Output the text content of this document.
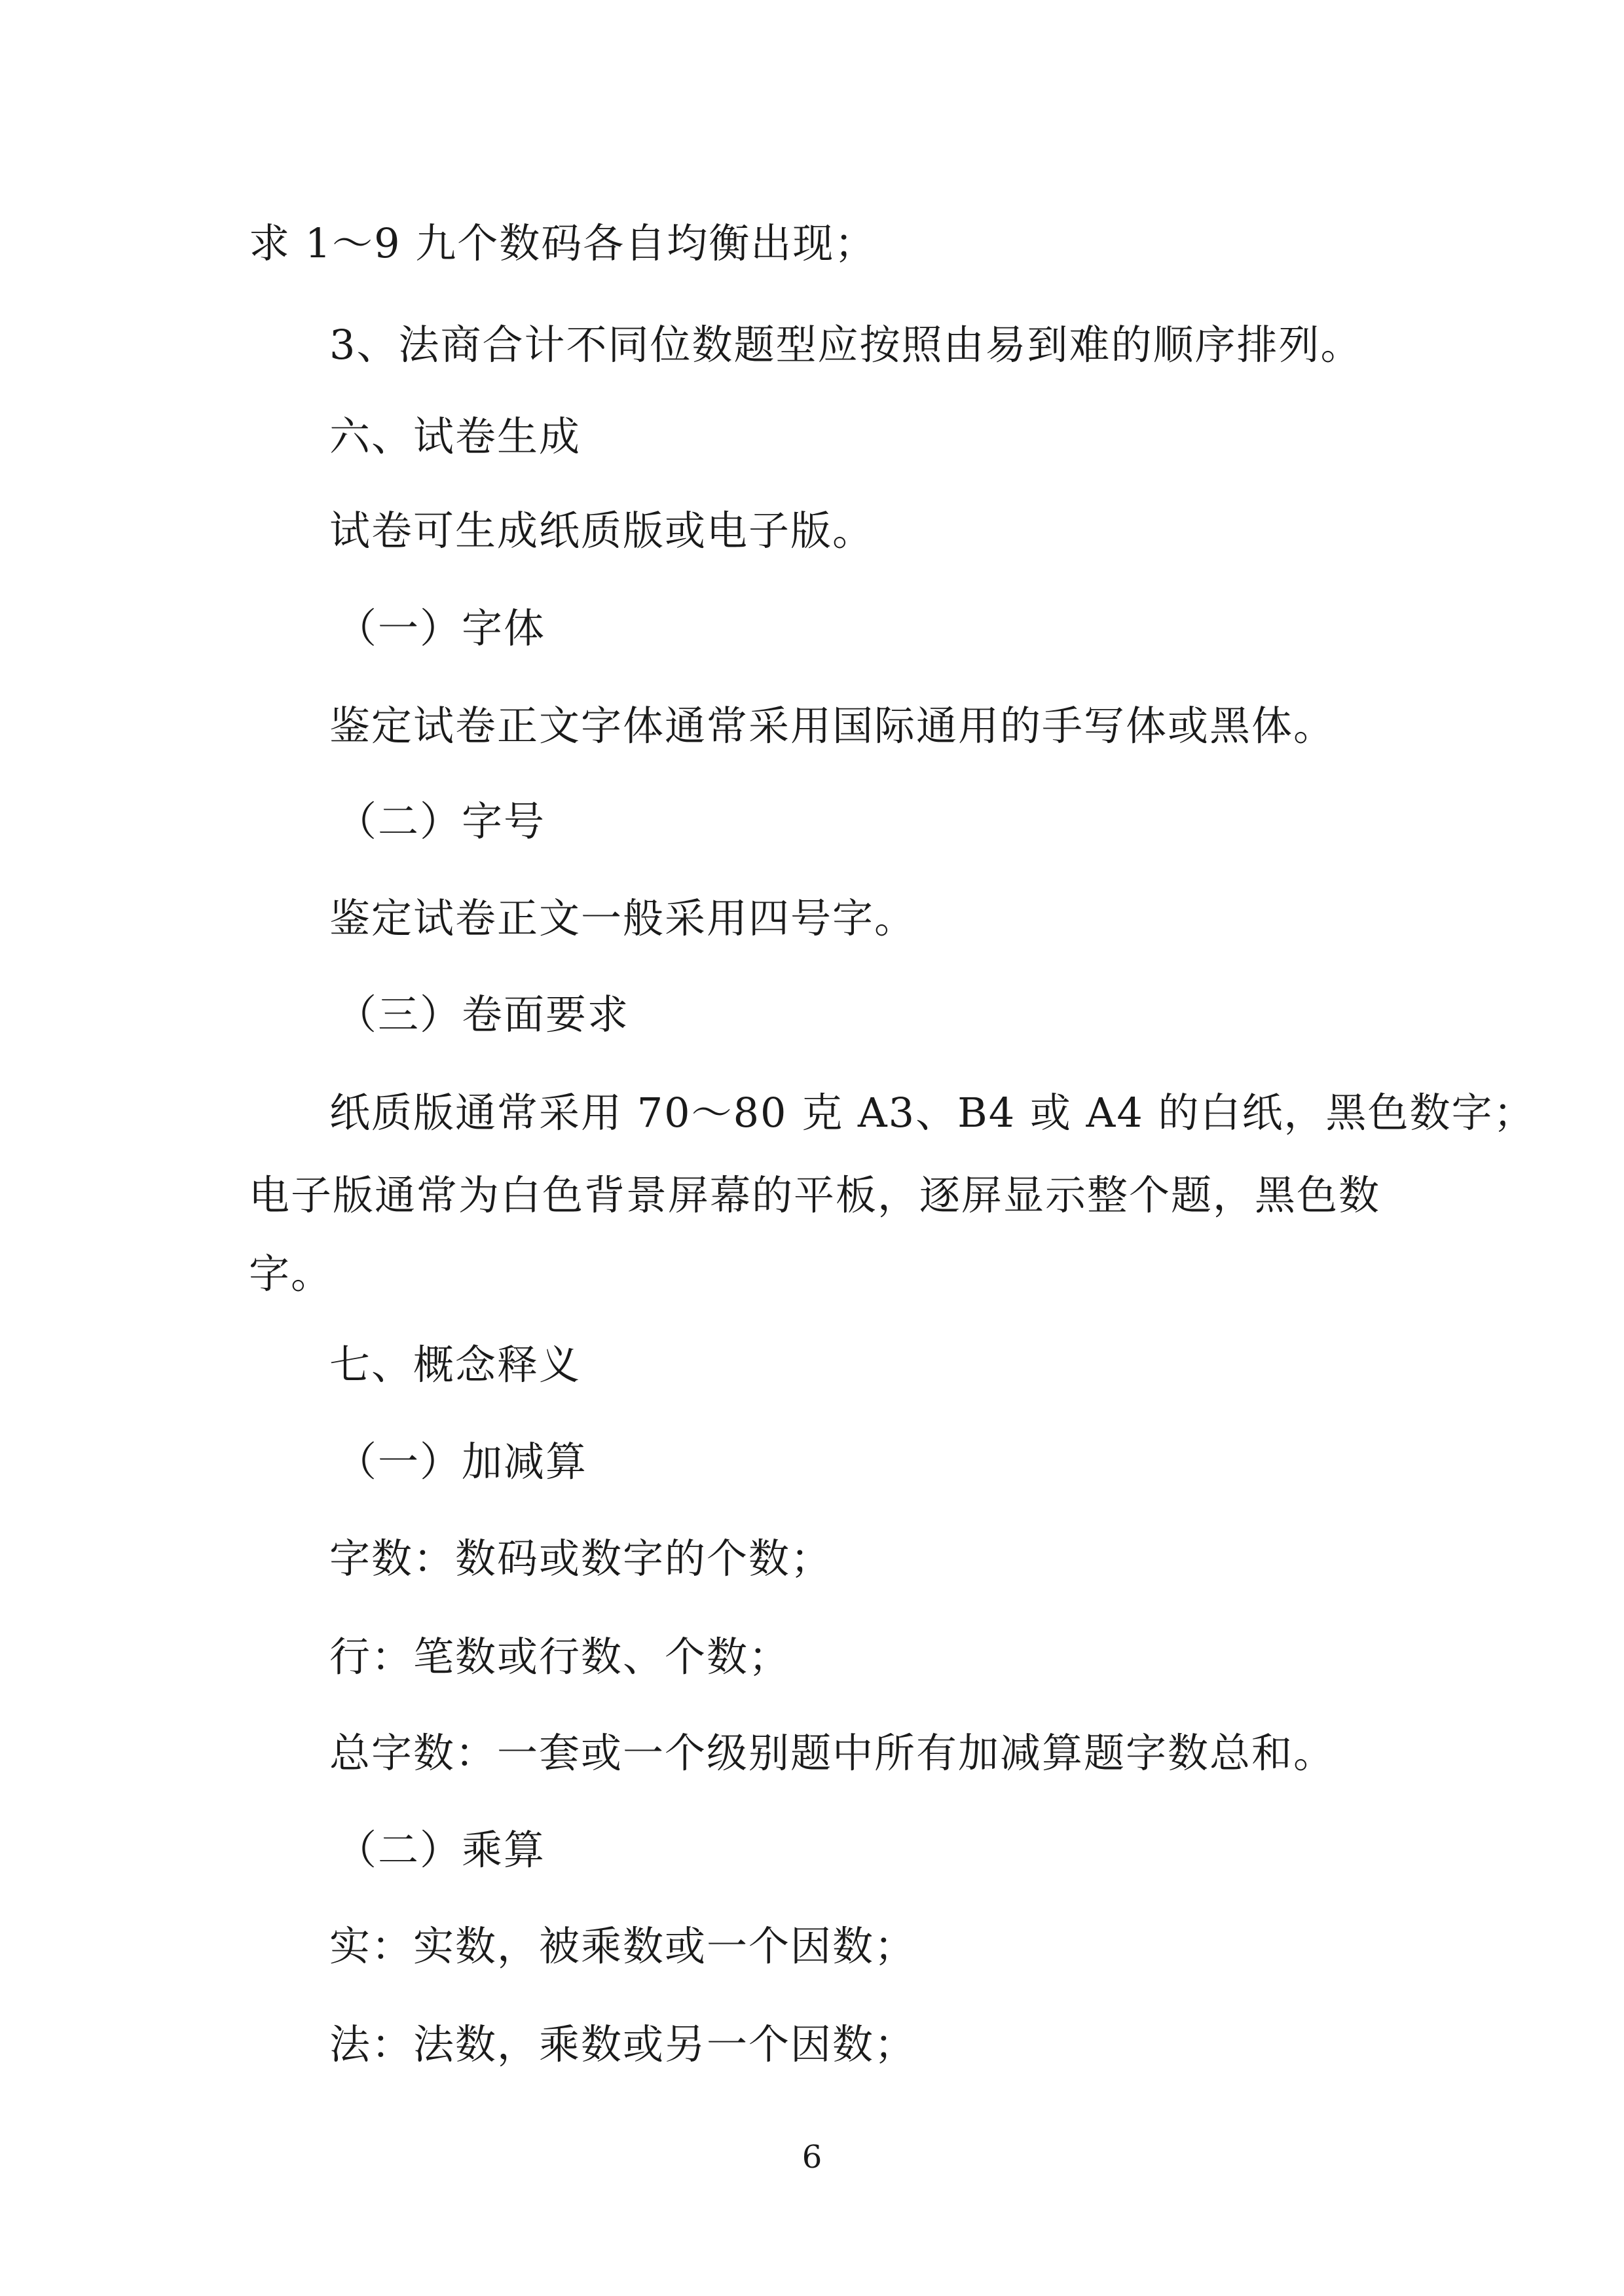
求 1～9 九个数码各自均衡出现；
3、法商合计不同位数题型应按照由易到难的顺序排列。
六、试卷生成
试卷可生成纸质版或电子版。
（一）字体
鉴定试卷正文字体通常采用国际通用的手写体或黑体。
（二）字号
鉴定试卷正文一般采用四号字。
（三）卷面要求
纸质版通常采用 70～80 克 A3、B4 或 A4 的白纸，黑色数字；
电子版通常为白色背景屏幕的平板，逐屏显示整个题，黑色数
字。
七、概念释义
（一）加减算
字数：数码或数字的个数；
行：笔数或行数、个数；
总字数：一套或一个级别题中所有加减算题字数总和。
（二）乘算
实：实数，被乘数或一个因数；
法：法数，乘数或另一个因数；
6
